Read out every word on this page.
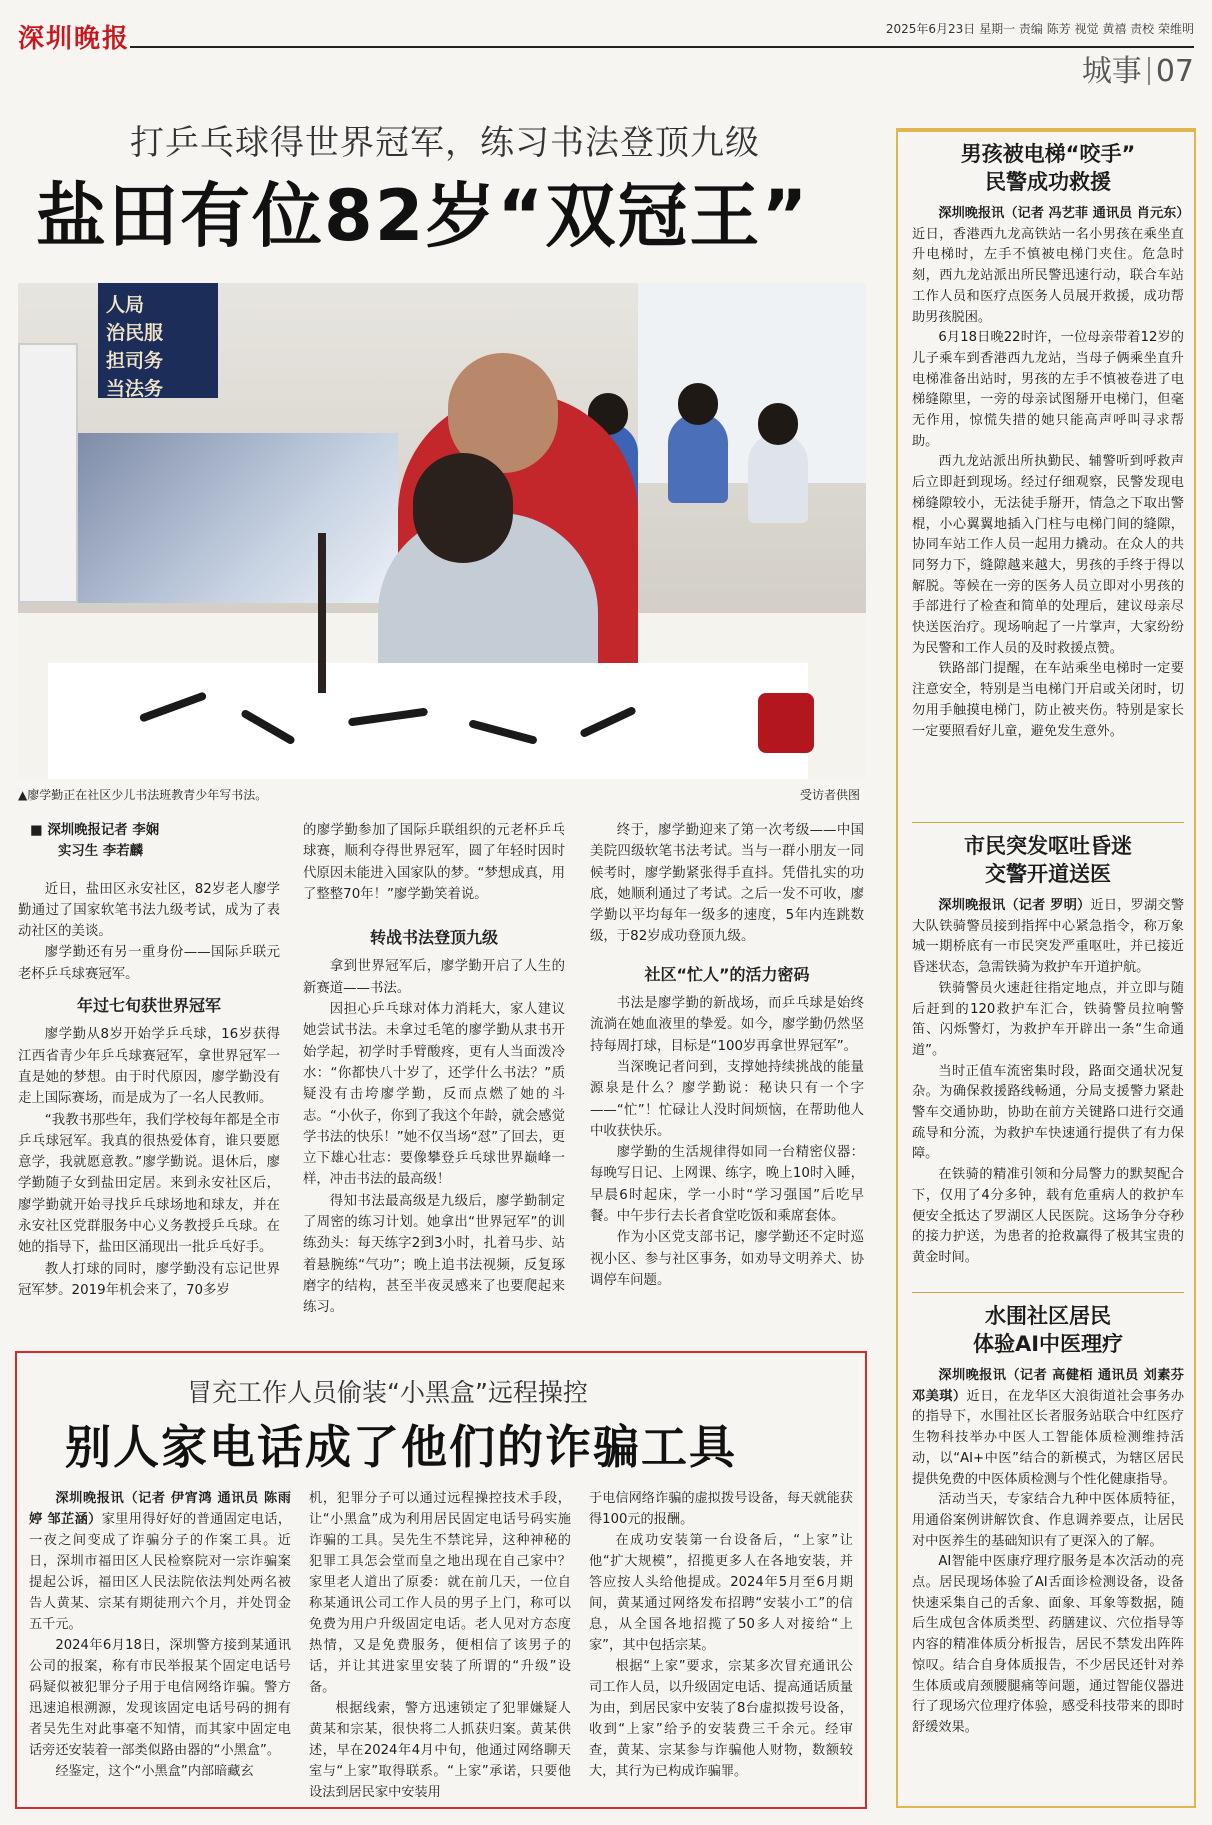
深圳晚报	2025年6月23日 星期一 责编 陈芳 视觉 黄禧 责校 荣维明
城事 07
打乒乓球得世界冠军，练习书法登顶九级
盐田有位82岁“双冠王”
人局
治民服
担司务
当法务
▲廖学勤正在社区少儿书法班教青少年写书法。	受访者供图

■ 深圳晚报记者 李娴

实习生 李若麟

近日，盐田区永安社区，82岁老人廖学勤通过了国家软笔书法九级考试，成为了表动社区的美谈。

廖学勤还有另一重身份——国际乒联元老杯乒乓球赛冠军。

年过七旬获世界冠军

廖学勤从8岁开始学乒乓球，16岁获得江西省青少年乒乓球赛冠军，拿世界冠军一直是她的梦想。由于时代原因，廖学勤没有走上国际赛场，而是成为了一名人民教师。

“我教书那些年，我们学校每年都是全市乒乓球冠军。我真的很热爱体育，谁只要愿意学，我就愿意教。”廖学勤说。退休后，廖学勤随子女到盐田定居。来到永安社区后，廖学勤就开始寻找乒乓球场地和球友，并在永安社区党群服务中心义务教授乒乓球。在她的指导下，盐田区涌现出一批乒乓好手。

教人打球的同时，廖学勤没有忘记世界冠军梦。2019年机会来了，70多岁

的廖学勤参加了国际乒联组织的元老杯乒乓球赛，顺利夺得世界冠军，圆了年轻时因时代原因未能进入国家队的梦。“梦想成真，用了整整70年！”廖学勤笑着说。

转战书法登顶九级

拿到世界冠军后，廖学勤开启了人生的新赛道——书法。

因担心乒乓球对体力消耗大，家人建议她尝试书法。未拿过毛笔的廖学勤从隶书开始学起，初学时手臂酸疼，更有人当面泼冷水：“你都快八十岁了，还学什么书法？”质疑没有击垮廖学勤，反而点燃了她的斗志。“小伙子，你到了我这个年龄，就会感觉学书法的快乐！”她不仅当场“怼”了回去，更立下雄心壮志：要像攀登乒乓球世界巅峰一样，冲击书法的最高级！

得知书法最高级是九级后，廖学勤制定了周密的练习计划。她拿出“世界冠军”的训练劲头：每天练字2到3小时，扎着马步、站着悬腕练“气功”；晚上追书法视频，反复琢磨字的结构，甚至半夜灵感来了也要爬起来练习。

终于，廖学勤迎来了第一次考级——中国美院四级软笔书法考试。当与一群小朋友一同候考时，廖学勤紧张得手直抖。凭借扎实的功底，她顺利通过了考试。之后一发不可收，廖学勤以平均每年一级多的速度，5年内连跳数级，于82岁成功登顶九级。

社区“忙人”的活力密码

书法是廖学勤的新战场，而乒乓球是始终流淌在她血液里的挚爱。如今，廖学勤仍然坚持每周打球，目标是“100岁再拿世界冠军”。

当深晚记者问到，支撑她持续挑战的能量源泉是什么？廖学勤说：秘诀只有一个字——“忙”！忙碌让人没时间烦恼，在帮助他人中收获快乐。

廖学勤的生活规律得如同一台精密仪器：每晚写日记、上网课、练字，晚上10时入睡，早晨6时起床，学一小时“学习强国”后吃早餐。中午步行去长者食堂吃饭和乘席套体。

作为小区党支部书记，廖学勤还不定时巡视小区、参与社区事务，如劝导文明养犬、协调停车问题。

冒充工作人员偷装“小黑盒”远程操控
别人家电话成了他们的诈骗工具

深圳晚报讯（记者 伊宵鸿 通讯员 陈雨婷 邹芷涵）家里用得好好的普通固定电话，一夜之间变成了诈骗分子的作案工具。近日，深圳市福田区人民检察院对一宗诈骗案提起公诉，福田区人民法院依法判处两名被告人黄某、宗某有期徒刑六个月，并处罚金五千元。

2024年6月18日，深圳警方接到某通讯公司的报案，称有市民举报某个固定电话号码疑似被犯罪分子用于电信网络诈骗。警方迅速追根溯源，发现该固定电话号码的拥有者吴先生对此事毫不知情，而其家中固定电话旁还安装着一部类似路由器的“小黑盒”。

经鉴定，这个“小黑盒”内部暗藏玄

机，犯罪分子可以通过远程操控技术手段，让“小黑盒”成为利用居民固定电话号码实施诈骗的工具。吴先生不禁诧异，这种神秘的犯罪工具怎会堂而皇之地出现在自己家中？家里老人道出了原委：就在前几天，一位自称某通讯公司工作人员的男子上门，称可以免费为用户升级固定电话。老人见对方态度热情，又是免费服务，便相信了该男子的话，并让其进家里安装了所谓的“升级”设备。

根据线索，警方迅速锁定了犯罪嫌疑人黄某和宗某，很快将二人抓获归案。黄某供述，早在2024年4月中旬，他通过网络聊天室与“上家”取得联系。“上家”承诺，只要他设法到居民家中安装用

于电信网络诈骗的虚拟拨号设备，每天就能获得100元的报酬。

在成功安装第一台设备后，“上家”让他“扩大规模”，招揽更多人在各地安装，并答应按人头给他提成。2024年5月至6月期间，黄某通过网络发布招聘“安装小工”的信息，从全国各地招揽了50多人对接给“上家”，其中包括宗某。

根据“上家”要求，宗某多次冒充通讯公司工作人员，以升级固定电话、提高通话质量为由，到居民家中安装了8台虚拟拨号设备，收到“上家”给予的安装费三千余元。经审查，黄某、宗某参与诈骗他人财物，数额较大，其行为已构成诈骗罪。

男孩被电梯“咬手”
民警成功救援

深圳晚报讯（记者 冯艺菲 通讯员 肖元东）近日，香港西九龙高铁站一名小男孩在乘坐直升电梯时，左手不慎被电梯门夹住。危急时刻，西九龙站派出所民警迅速行动，联合车站工作人员和医疗点医务人员展开救援，成功帮助男孩脱困。

6月18日晚22时许，一位母亲带着12岁的儿子乘车到香港西九龙站，当母子俩乘坐直升电梯准备出站时，男孩的左手不慎被卷进了电梯缝隙里，一旁的母亲试图掰开电梯门，但毫无作用，惊慌失措的她只能高声呼叫寻求帮助。

西九龙站派出所执勤民、辅警听到呼救声后立即赶到现场。经过仔细观察，民警发现电梯缝隙较小，无法徒手掰开，情急之下取出警棍，小心翼翼地插入门柱与电梯门间的缝隙，协同车站工作人员一起用力撬动。在众人的共同努力下，缝隙越来越大，男孩的手终于得以解脱。等候在一旁的医务人员立即对小男孩的手部进行了检查和简单的处理后，建议母亲尽快送医治疗。现场响起了一片掌声，大家纷纷为民警和工作人员的及时救援点赞。

铁路部门提醒，在车站乘坐电梯时一定要注意安全，特别是当电梯门开启或关闭时，切勿用手触摸电梯门，防止被夹伤。特别是家长一定要照看好儿童，避免发生意外。

市民突发呕吐昏迷
交警开道送医

深圳晚报讯（记者 罗明）近日，罗湖交警大队铁骑警员接到指挥中心紧急指令，称万象城一期桥底有一市民突发严重呕吐，并已接近昏迷状态，急需铁骑为救护车开道护航。

铁骑警员火速赶往指定地点，并立即与随后赶到的120救护车汇合，铁骑警员拉响警笛、闪烁警灯，为救护车开辟出一条“生命通道”。

当时正值车流密集时段，路面交通状况复杂。为确保救援路线畅通，分局支援警力紧赴警车交通协助，协助在前方关键路口进行交通疏导和分流，为救护车快速通行提供了有力保障。

在铁骑的精准引领和分局警力的默契配合下，仅用了4分多钟，载有危重病人的救护车便安全抵达了罗湖区人民医院。这场争分夺秒的接力护送，为患者的抢救赢得了极其宝贵的黄金时间。

水围社区居民
体验AI中医理疗

深圳晚报讯（记者 高健栢 通讯员 刘素芬 邓美琪）近日，在龙华区大浪街道社会事务办的指导下，水围社区长者服务站联合中红医疗生物科技举办中医人工智能体质检测维持活动，以“AI+中医”结合的新模式，为辖区居民提供免费的中医体质检测与个性化健康指导。

活动当天，专家结合九种中医体质特征，用通俗案例讲解饮食、作息调养要点，让居民对中医养生的基础知识有了更深入的了解。

AI智能中医康疗理疗服务是本次活动的亮点。居民现场体验了AI舌面诊检测设备，设备快速采集自己的舌象、面象、耳象等数据，随后生成包含体质类型、药膳建议、穴位指导等内容的精准体质分析报告，居民不禁发出阵阵惊叹。结合自身体质报告，不少居民还针对养生体质或肩颈腰腿痛等问题，通过智能仪器进行了现场穴位理疗体验，感受科技带来的即时舒缓效果。
